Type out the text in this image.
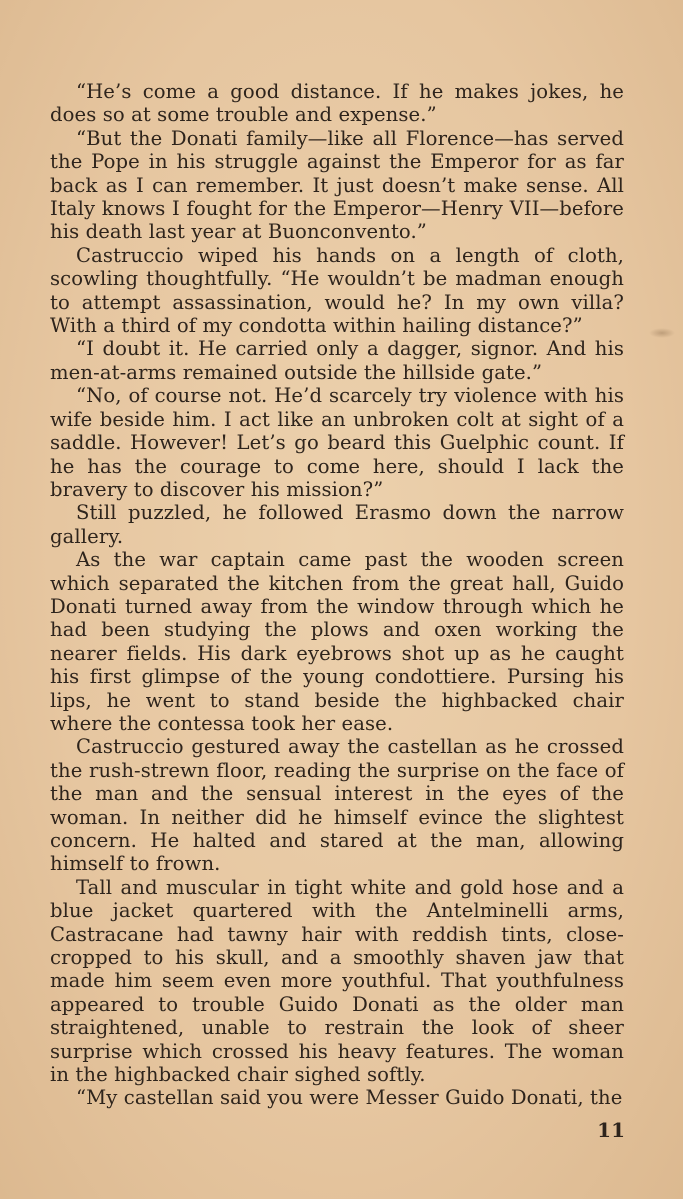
“He’s come a good distance. If he makes jokes, he does so at some trouble and expense.”

“But the Donati family—like all Florence—has served the Pope in his struggle against the Emperor for as far back as I can remember. It just doesn’t make sense. All Italy knows I fought for the Emperor—Henry VII—before his death last year at Buonconvento.”

Castruccio wiped his hands on a length of cloth, scowling thoughtfully. “He wouldn’t be madman enough to attempt assassination, would he? In my own villa? With a third of my condotta within hailing distance?”

“I doubt it. He carried only a dagger, signor. And his men-at-arms remained outside the hillside gate.”

“No, of course not. He’d scarcely try violence with his wife beside him. I act like an unbroken colt at sight of a saddle. However! Let’s go beard this Guelphic count. If he has the courage to come here, should I lack the bravery to discover his mission?”

Still puzzled, he followed Erasmo down the narrow gallery.

As the war captain came past the wooden screen which separated the kitchen from the great hall, Guido Donati turned away from the window through which he had been studying the plows and oxen working the nearer fields. His dark eyebrows shot up as he caught his first glimpse of the young condottiere. Pursing his lips, he went to stand beside the highbacked chair where the contessa took her ease.

Castruccio gestured away the castellan as he crossed the rush-strewn floor, reading the surprise on the face of the man and the sensual interest in the eyes of the woman. In neither did he himself evince the slightest concern. He halted and stared at the man, allowing himself to frown.

Tall and muscular in tight white and gold hose and a blue jacket quartered with the Antelminelli arms, Castracane had tawny hair with reddish tints, close-cropped to his skull, and a smoothly shaven jaw that made him seem even more youthful. That youthfulness appeared to trouble Guido Donati as the older man straightened, unable to restrain the look of sheer surprise which crossed his heavy features. The woman in the highbacked chair sighed softly.

“My castellan said you were Messer Guido Donati, the

11
